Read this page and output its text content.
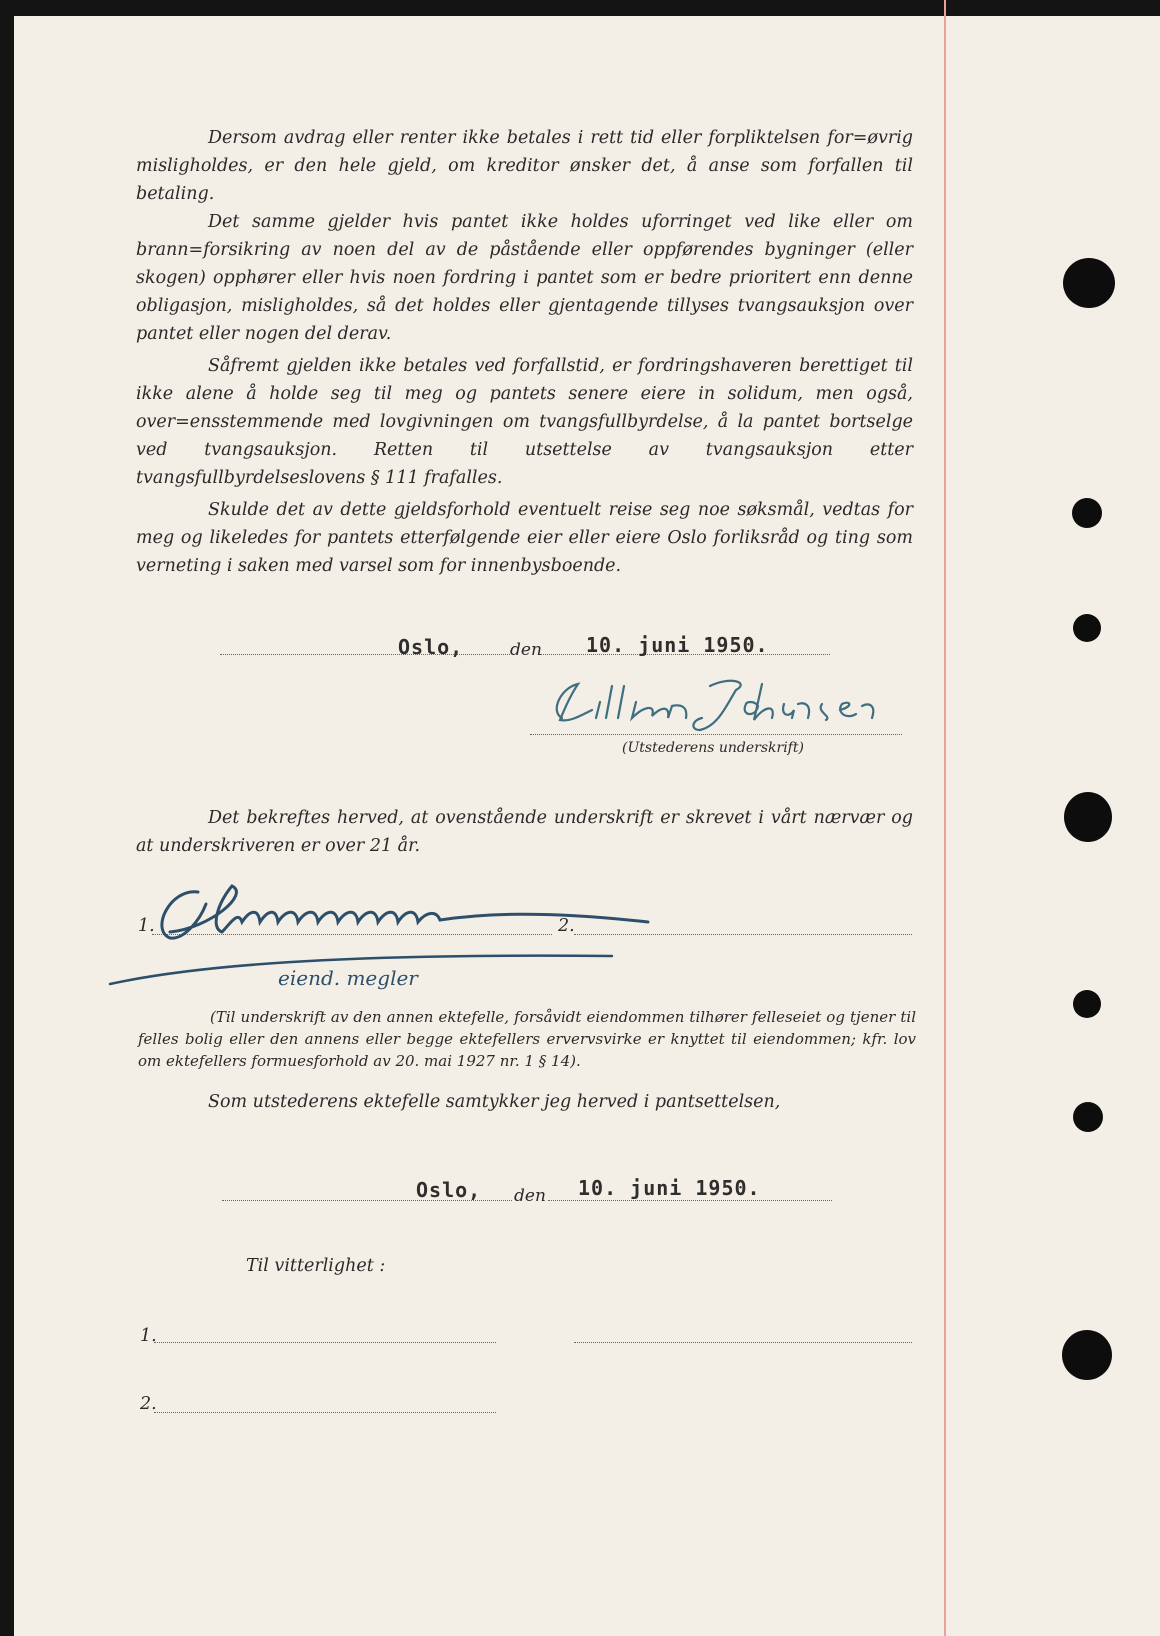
Dersom avdrag eller renter ikke betales i rett tid eller forpliktelsen for=øvrig misligholdes, er den hele gjeld, om kreditor ønsker det, å anse som forfallen til betaling.

Det samme gjelder hvis pantet ikke holdes uforringet ved like eller om brann=forsikring av noen del av de påstående eller oppførendes bygninger (eller skogen) opphører eller hvis noen fordring i pantet som er bedre prioritert enn denne obligasjon, misligholdes, så det holdes eller gjentagende tillyses tvangsauksjon over pantet eller nogen del derav.

Såfremt gjelden ikke betales ved forfallstid, er fordringshaveren berettiget til ikke alene å holde seg til meg og pantets senere eiere in solidum, men også, over=ensstemmende med lovgivningen om tvangsfullbyrdelse, å la pantet bortselge ved tvangsauksjon. Retten til utsettelse av tvangsauksjon etter tvangsfullbyrdelseslovens § 111 frafalles.

Skulde det av dette gjeldsforhold eventuelt reise seg noe søksmål, vedtas for meg og likeledes for pantets etterfølgende eier eller eiere Oslo forliksråd og ting som verneting i saken med varsel som for innenbysboende.

Oslo,	den 10. juni 1950.
(Utstederens underskrift)

Det bekreftes herved, at ovenstående underskrift er skrevet i vårt nærvær og at underskriveren er over 21 år.

1.	2.
eiend. megler

(Til underskrift av den annen ektefelle, forsåvidt eiendommen tilhører felleseiet og tjener til felles bolig eller den annens eller begge ektefellers ervervsvirke er knyttet til eiendommen; kfr. lov om ektefellers formuesforhold av 20. mai 1927 nr. 1 § 14).

Som utstederens ektefelle samtykker jeg herved i pantsettelsen,

Oslo, den 10. juni 1950.
Til vitterlighet :
1.
2.
